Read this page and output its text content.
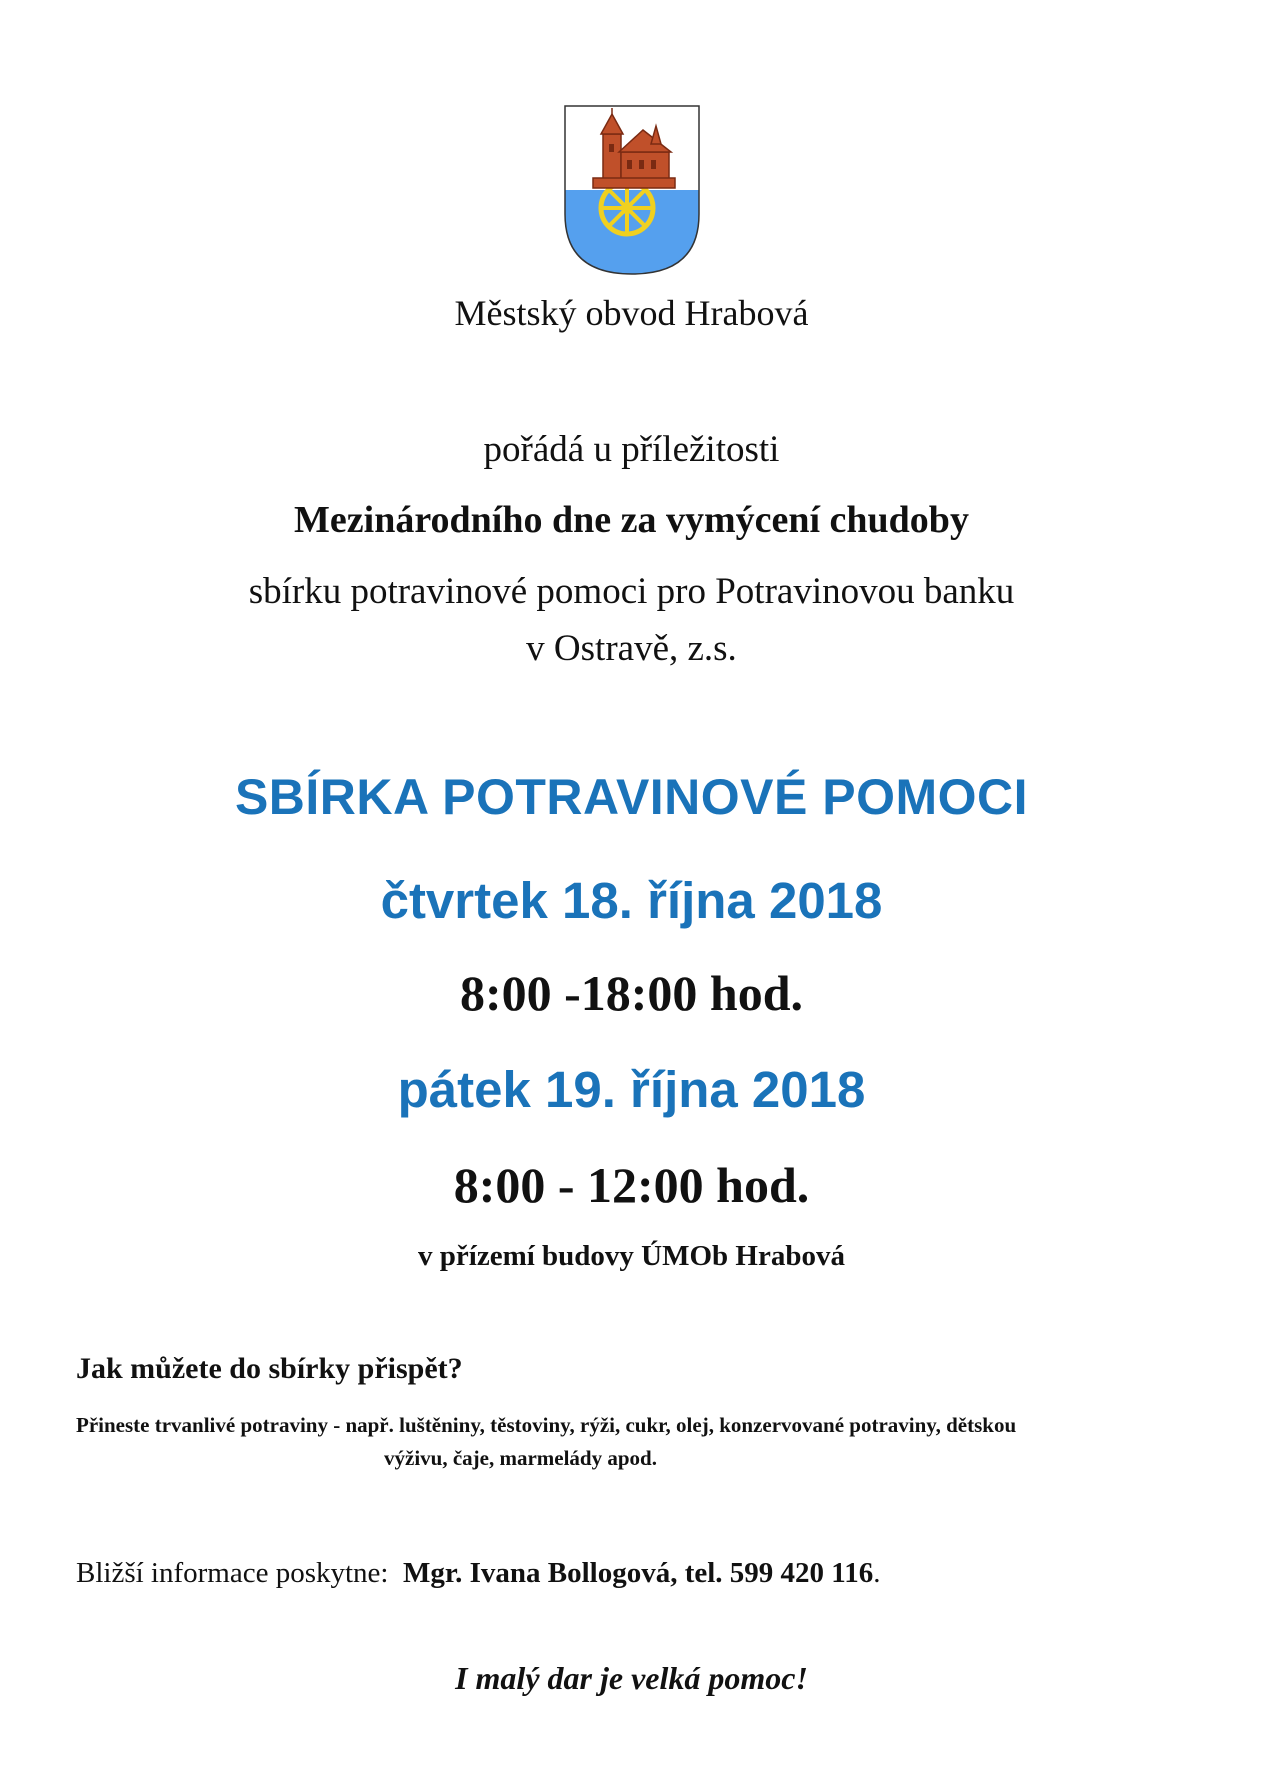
Městský obvod Hrabová
pořádá u příležitosti
Mezinárodního dne za vymýcení chudoby
sbírku potravinové pomoci pro Potravinovou banku
v Ostravě, z.s.
SBÍRKA POTRAVINOVÉ POMOCI
čtvrtek 18. října 2018
8:00 -18:00 hod.
pátek 19. října 2018
8:00 - 12:00 hod.
v přízemí budovy ÚMOb Hrabová
Jak můžete do sbírky přispět?
Přineste trvanlivé potraviny - např. luštěniny, těstoviny, rýži, cukr, olej, konzervované potraviny, dětskou
výživu, čaje, marmelády apod.
Bližší informace poskytne: Mgr. Ivana Bollogová, tel. 599 420 116.
I malý dar je velká pomoc!
